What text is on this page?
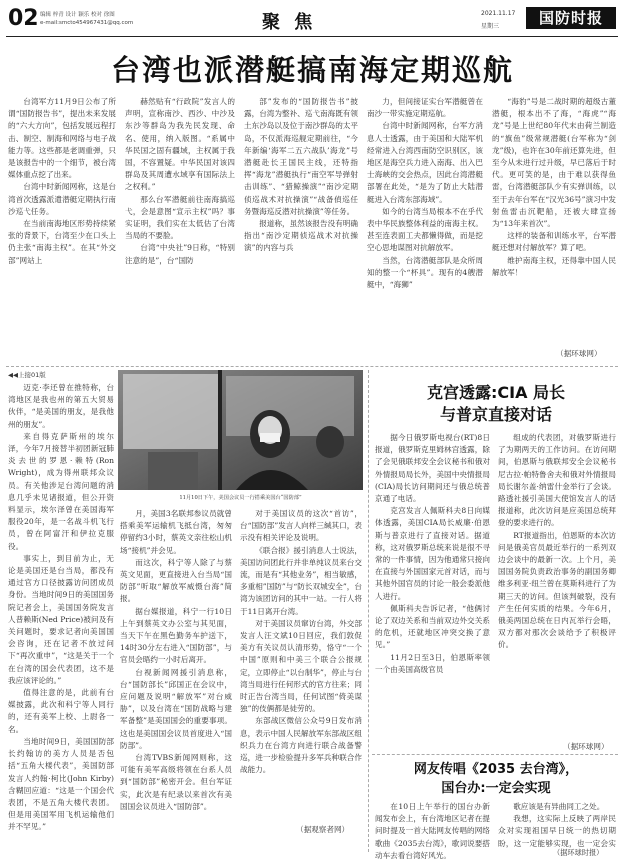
02 编辑 梓青 设计 颖乐 校对 徐图
e-mail:smcto454967431@qq.com	聚 焦	2021.11.17
星期三	国防时报
台湾也派潜艇搞南海定期巡航

台湾军方11月9日公布了所谓“国防报告书”，提出未来发展的“六大方向”，包括发展远程打击、制空、制海和网络与电子战能力等。这些都是老调重弹，只是该报告中的一个细节，被台湾媒体重点挖了出来。

台湾中时新闻网称，这是台湾首次透露派遣潜艇定期执行南沙巡弋任务。

在当前南海地区形势持续紧张的背景下，台湾至少在口头上仍主张“南海主权”。在其“外交部”网站上

赫然贴有“行政院”发言人的声明，宣称南沙、西沙、中沙及东沙等群岛为我先民发现、命名、使用，纳入版图。“系属中华民国之固有疆域，主权属于我国，不容置疑。中华民国对该四群岛及其周遭水域享有国际法上之权利。”

那么台军潜艇前往南海搞巡弋，会是意图“宣示主权”吗？事实证明，我们实在太低估了台湾当局的不要脸。

台湾“中央社”9日称，“特别注意的是”，台“国防

部”发布的“国防报告书”披露，台湾为整补、巡弋南海既有领土东沙岛以及位于南沙群岛的太平岛，不仅派海巡舰定期前往，“今年新编‘海军二五六战队’海龙”号潜艇赴长王国民主线，还特指挥“海龙”潜艇执行“南空军导弹射击训练”、“猎鲸操演”“南沙定期侦巡战术对抗操演”“战备偵巡任务暨海巡反潜对抗操演”等任务。

报道称，虽然该报告没有明确指出“南沙定期侦巡战术对抗操演”的内容与兵

力，但间接证实台军潜艇曾在南沙一带实施定期巡航。

台湾中时新闻网称，台军方消息人士透露，由于美国和大陆军机经常进入台湾西南防空识别区，该地区是海空兵力进入南海、出入巴士海峡的交会热点，因此台湾潜艇部署在此处，“是为了防止大陆潜艇进入台湾东部海域”。

如今的台湾当局根本不在乎代表中华民族整体利益的南海主权。甚至连表面工夫都懒得做，而是挖空心思地谋图对抗解放军。

当然，台湾潜艇部队是众所周知的整一个“杯具”。现有的4艘潜艇中，“海狮”

“海豹”号是二战时期的超级古董潜艇，根本出不了海，“海虎”“海龙”号是上世纪80年代末由荷兰制造的“旗鱼”级常规潜艇(台军称为“剑龙”级)，也许在30年前还算先进，但至今从未进行过升级，早已落后于时代。更可笑的是，由于难以获得鱼雷，台湾潜艇部队少有实弹训练，以至于去年台军在“汉光36号”演习中发射鱼雷击沉靶船，还被大肆宣扬为“13年来首次”。

这样的装备和训练水平，台军潜艇还想对付解放军？算了吧。

维护南海主权，还得靠中国人民解放军！

（据环球网）
◀◀上接01版
11月10日下午，美国会议员一行搭乘美国台“国防部”

迈克·李还曾在推特称，台湾地区是我也州的第五大贸易伙伴，“是美国的朋友，是我他州的朋友”。

来自得克萨斯州的埃尔泽，今年7月接替半初团新冠肺炎去世的罗恩·赖特(Ron Wright)，成为得州联邦众议员。有关他涉足台湾问题的消息几乎未见诸报道，但公开资料显示，埃尔泽曾在美国海军服役20年，是一名战斗机飞行员，曾在阿富汗和伊拉克服役。

事实上，到目前为止，无论是美国还是台当局，都没有通过官方口径披露访问团成员身份。当地时间9日的美国国务院记者会上，美国国务院发言人普赖斯(Ned Price)被问及有关问题时，要求记者向美国国会咨询，还在记者不放过问下“再次重申”，“这是关于一个在台湾的国会代表团，这不是我应该评论的。”

值得注意的是，此前有台媒披露，此次和科宁等人同行的，还有美军上校、上尉各一名。

当地时间9日，美国国防部长约翰访的美方人员是否包括“五角大楼代表”，美国防部发言人约翰·柯比(John Kirby)含糊回应道：“这是一个国会代表团，不是五角大楼代表团。但是用美国军用飞机运输他们并不罕见。”

月，美国3名联邦参议员就曾搭乘美军运输机飞抵台湾，匆匆停留约3小时，蔡英文亲往松山机场“接机”并会见。

而这次，科宁等人除了与蔡英文见面，更直接进入台当局“国防部”听取“解放军威慑台海”简报。

据台媒报道，科宁一行10日上午到蔡英文办公室与其见面，当天下午在黑色勤务车护送下，14时30分左右进入“国防部”，与官员会晤约一小时后离开。

台视新闻网援引消息称，台“国防部长”邱国正在会议中，应问题及说明“解放军”对台威胁”，以及台湾在“国防战略与建军备整”是美国国会的重要事项。这也是美国国会议员首度进入“国防部”。

台湾TVBS新闻网则称，这可能有美军高级将领在台系人员到“国防部”秘密开会。但台军证实，此次是有纪录以来首次有美国国会议员进入“国防部”。

对于美国议员的这次“首访”，台“国防部”发言人向样三缄其口，表示没有相关评论及说明。

《联合报》援引消息人士说法，美国访问团此行并非单纯议员来台交流，而是有“其他业务”，相当敏感，多重相”国防”与“防长双城安全”，台湾为该团访问的其中一站。一行人将于11日离开台湾。

对于美国议员窜访台湾，外交部发言人汪文斌10日回应，我们敦促美方有关议员认清形势，恪守“一个中国”原则和中美三个联合公报规定，立即停止“以台制华”，停止与台湾当局进行任何形式的官方往来；同时正告台湾当局，任何试图“倚美谋独”的伎俩都是徒劳的。

东部战区微信公众号9日发布消息，表示中国人民解放军东部战区组织兵力在台湾方向进行联合战备警巡，进一步检验提升多军兵种联合作战能力。

（据观察者网）
克宫透露:CIA 局长
与普京直接对话

据今日俄罗斯电视台(RT)8日报道，俄罗斯克里姆林宫透露，除了会见俄联邦安全会议秘书和俄对外情报局局长外，美国中央情报局(CIA)局长访问期间还与俄总统普京通了电话。

克宫发言人佩斯科夫8日向媒体透露，美国CIA局长威廉·伯恩斯与普京进行了直接对话。据道称，这对俄罗斯总统来说是很不寻常的一件事情，因为他通常只接向在直接与外国国家元首对话，而与其他外国官员的讨论一般会委派他人进行。

佩斯科夫告诉记者，“他俩讨论了双边关系和当前双边外交关系的危机，还就地区冲突交换了意见。”

11月2日至3日，伯恩斯率领一个由美国高级官员

组成的代表团，对俄罗斯进行了为期两天的工作访问。在访问期间，伯恩斯与俄联邦安全会议秘书尼古拉·帕特鲁舍夫和俄对外情报局局长谢尔盖·纳雷什金举行了会谈。路透社援引美国大使馆发言人的话报道称，此次访问是应美国总统拜登的要求进行的。

RT报道指出，伯恩斯的本次访问是俄美官员最近举行的一系列双边会谈中的最新一次。上个月，美国国务院负责政治事务的副国务卿维多利亚·纽兰曾在莫斯科进行了为期三天的访问。但该判破裂，没有产生任何实质的结果。今年6月，俄美两国总统在日内瓦举行会晤，双方都对那次会谈给予了积极评价。

（据环球网）
网友传唱《2035 去台湾》，
国台办:一定会实现

在10日上午举行的国台办新闻发布会上，有台湾地区记者在提问时提及一首大陆网友传唱的网络歌曲《2035去台湾》，歌词说要搭动车去看台湾好风光。

歌应该是有异曲同工之处。

我想，这实际上反映了两岸民众对实现祖国早日统一的热切期盼，这一定能够实现，也一定会实

（据环球时报）
